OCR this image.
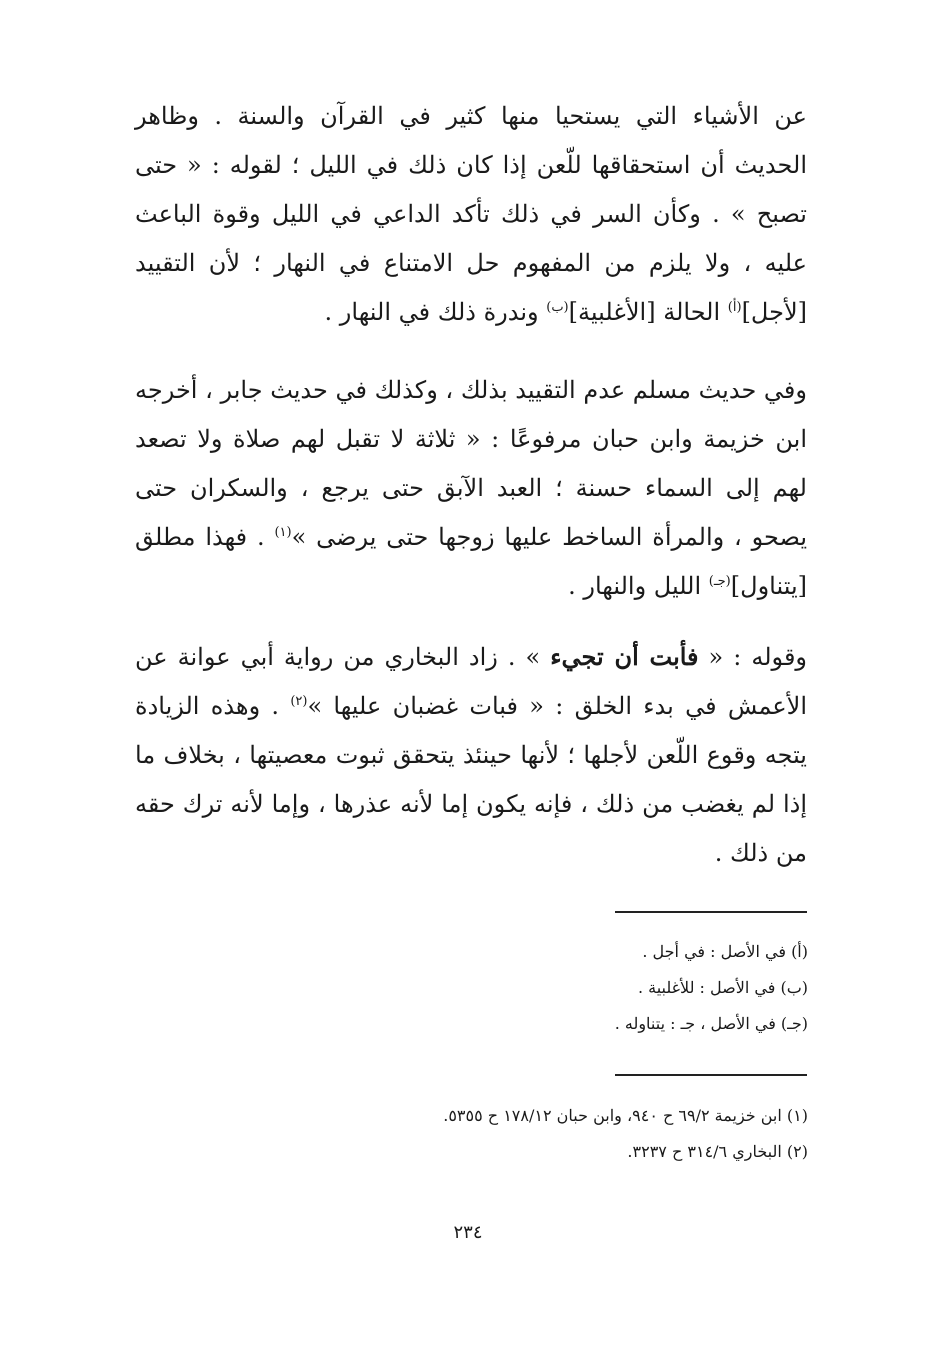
عن الأشياء التي يستحيا منها كثير في القرآن والسنة . وظاهر الحديث أن استحقاقها للّعن إذا كان ذلك في الليل ؛ لقوله : « حتى تصبح » . وكأن السر في ذلك تأكد الداعي في الليل وقوة الباعث عليه ، ولا يلزم من المفهوم حل الامتناع في النهار ؛ لأن التقييد [لأجل]$^{(أ)}$ الحالة [الأغلبية]$^{(ب)}$ وندرة ذلك في النهار .

وفي حديث مسلم عدم التقييد بذلك ، وكذلك في حديث جابر ، أخرجه ابن خزيمة وابن حبان مرفوعًا : « ثلاثة لا تقبل لهم صلاة ولا تصعد لهم إلى السماء حسنة ؛ العبد الآبق حتى يرجع ، والسكران حتى يصحو ، والمرأة الساخط عليها زوجها حتى يرضى »$^{(١)}$ . فهذا مطلق [يتناول]$^{(جـ)}$ الليل والنهار .

وقوله : « فأبت أن تجيء » . زاد البخاري من رواية أبي عوانة عن الأعمش في بدء الخلق : « فبات غضبان عليها »$^{(٢)}$ . وهذه الزيادة يتجه وقوع اللّعن لأجلها ؛ لأنها حينئذ يتحقق ثبوت معصيتها ، بخلاف ما إذا لم يغضب من ذلك ، فإنه يكون إما لأنه عذرها ، وإما لأنه ترك حقه من ذلك .

(أ) في الأصل : في أجل .

(ب) في الأصل : للأغلبية .

(جـ) في الأصل ، جـ : يتناوله .

(١) ابن خزيمة ٦٩/٢ ح ٩٤٠، وابن حبان ١٧٨/١٢ ح ٥٣٥٥.

(٢) البخاري ٣١٤/٦ ح ٣٢٣٧.

٢٣٤
